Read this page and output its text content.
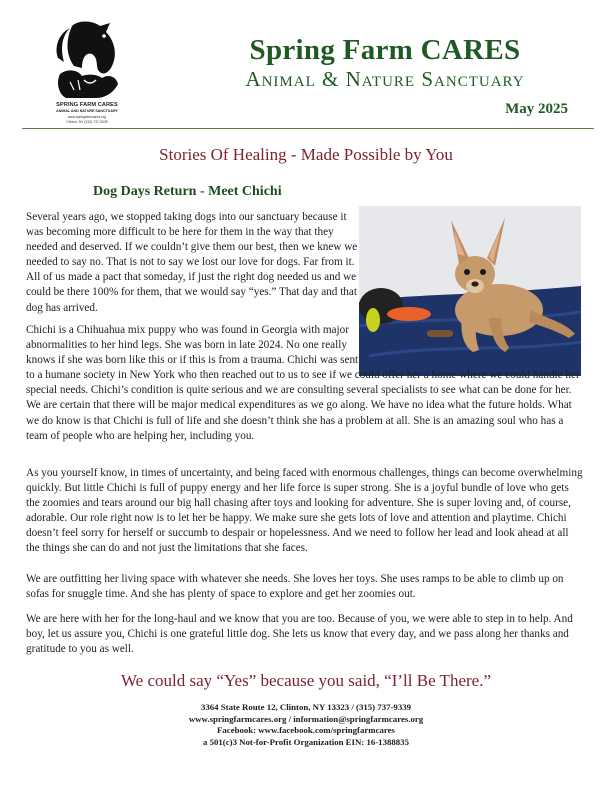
SPRING FARM CARES
ANIMAL AND NATURE SANCTUARY
www.springfarmcares.org
Clinton, NY (315) 737-9339
Spring Farm CARES
Animal & Nature Sanctuary
May 2025
Stories Of Healing - Made Possible by You
Dog Days Return - Meet Chichi

Several years ago, we stopped taking dogs into our sanctuary because it was becoming more difficult to be here for them in the way that they needed and deserved. If we couldn’t give them our best, then we knew we needed to say no. That is not to say we lost our love for dogs. Far from it. All of us made a pact that someday, if just the right dog needed us and we could be there 100% for them, that we would say “yes.” That day and that dog has arrived.

Chichi is a Chihuahua mix puppy who was found in Georgia with major abnormalities to her hind legs. She was born in late 2024. No one really knows if she was born like this or if this is from a trauma. Chichi was sent to a humane society in New York who then reached out to us to see if we could offer her a home where we could handle her special needs. Chichi’s condition is quite serious and we are consulting several specialists to see what can be done for her. We are certain that there will be major medical expenditures as we go along. We have no idea what the future holds. What we do know is that Chichi is full of life and she doesn’t think she has a problem at all. She is an amazing soul who has a team of people who are helping her, including you.

As you yourself know, in times of uncertainty, and being faced with enormous challenges, things can become overwhelming quickly. But little Chichi is full of puppy energy and her life force is super strong. She is a joyful bundle of love who gets the zoomies and tears around our big hall chasing after toys and looking for adventure. She is super loving and, of course, adorable. Our role right now is to let her be happy. We make sure she gets lots of love and attention and playtime. Chichi doesn’t feel sorry for herself or succumb to despair or hopelessness. And we need to follow her lead and look ahead at all the things she can do and not just the limitations that she faces.

We are outfitting her living space with whatever she needs. She loves her toys. She uses ramps to be able to climb up on sofas for snuggle time. And she has plenty of space to explore and get her zoomies out.

We are here with her for the long-haul and we know that you are too. Because of you, we were able to step in to help. And boy, let us assure you, Chichi is one grateful little dog. She lets us know that every day, and we pass along her thanks and gratitude to you as well.

We could say “Yes” because you said, “I’ll Be There.”
3364 State Route 12, Clinton, NY 13323 / (315) 737-9339
www.springfarmcares.org / information@springfarmcares.org
Facebook: www.facebook.com/springfarmcares
a 501(c)3 Not-for-Profit Organization EIN: 16-1388835
